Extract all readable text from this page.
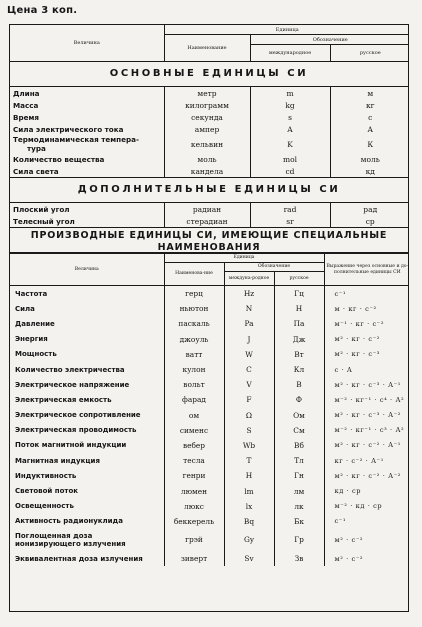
Цена 3 коп.
Величина	Единица		
	Наименование	Обозначение	
		международное	русское
ОСНОВНЫЕ ЕДИНИЦЫ СИ
Длина	метр	m	м

Масса	килограмм	kg	кг

Время	секунда	s	с

Сила электрического тока	ампер	A	А

Термодинамическая темпера-
тура	кельвин	K	К

Количество вещества	моль	mol	моль

Сила света	кандела	cd	кд
ДОПОЛНИТЕЛЬНЫЕ ЕДИНИЦЫ СИ
Плоский угол	радиан	rad	рад

Телесный угол	стерадиан	sr	ср
ПРОИЗВОДНЫЕ ЕДИНИЦЫ СИ, ИМЕЮЩИЕ СПЕЦИАЛЬНЫЕ
НАИМЕНОВАНИЯ
Величина	Единица			Выражение через основные и до-полнительные единицы СИ
	Наименова-ние	Обозначение		
		междуна-родное	русское	
Частота	герц	Hz	Гц	с⁻¹

Сила	ньютон	N	Н	м · кг · с⁻²

Давление	паскаль	Pa	Па	м⁻¹ · кг · с⁻²

Энергия	джоуль	J	Дж	м² · кг · с⁻²

Мощность	ватт	W	Вт	м² · кг · с⁻³

Количество электричества	кулон	C	Кл	с · А

Электрическое напряжение	вольт	V	В	м² · кг · с⁻³ · А⁻¹

Электрическая емкость	фарад	F	Ф	м⁻² · кг⁻¹ · с⁴ · А²

Электрическое сопротивление	ом	Ω	Ом	м² · кг · с⁻³ · А⁻²

Электрическая проводимость	сименс	S	См	м⁻² · кг⁻¹ · с³ · А²

Поток магнитной индукции	вебер	Wb	Вб	м² · кг · с⁻² · А⁻¹

Магнитная индукция	тесла	T	Тл	кг · с⁻² · А⁻¹

Индуктивность	генри	H	Гн	м² · кг · с⁻² · А⁻²

Световой поток	люмен	lm	лм	кд · ср

Освещенность	люкс	lx	лк	м⁻² · кд · ср

Активность радионуклида	беккерель	Bq	Бк	с⁻¹

Поглощенная доза
ионизирующего излучения	грэй	Gy	Гр	м² · с⁻²

Эквивалентная доза излучения	зиверт	Sv	Зв	м² · с⁻²
